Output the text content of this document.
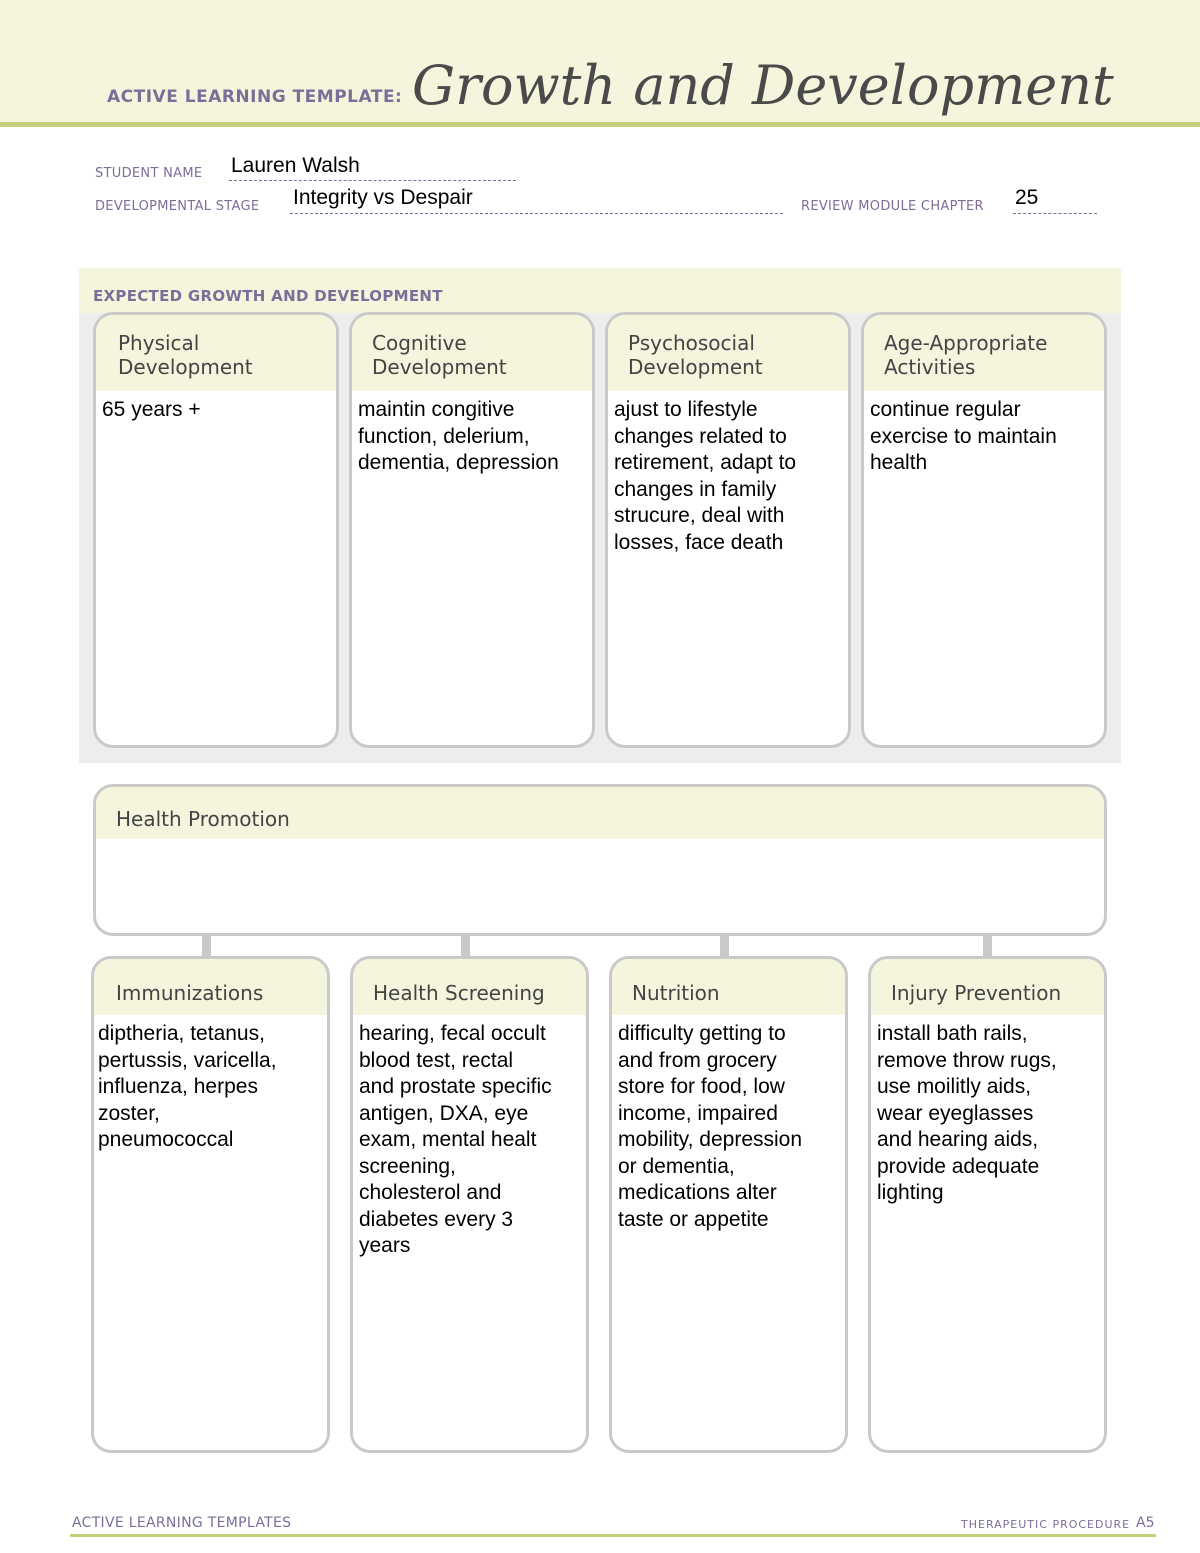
ACTIVE LEARNING TEMPLATE: Growth and Development
STUDENT NAME Lauren Walsh
DEVELOPMENTAL STAGE Integrity vs Despair	REVIEW MODULE CHAPTER 25
EXPECTED GROWTH AND DEVELOPMENT
Physical
Development
65 years +
Cognitive
Development
maintin congitive
function, delerium,
dementia, depression
Psychosocial
Development
ajust to lifestyle
changes related to
retirement, adapt to
changes in family
strucure, deal with
losses, face death
Age-Appropriate
Activities
continue regular
exercise to maintain
health
Health Promotion
Immunizations
diptheria, tetanus,
pertussis, varicella,
influenza, herpes
zoster,
pneumococcal
Health Screening
hearing, fecal occult
blood test, rectal
and prostate specific
antigen, DXA, eye
exam, mental healt
screening,
cholesterol and
diabetes every 3
years
Nutrition
difficulty getting to
and from grocery
store for food, low
income, impaired
mobility, depression
or dementia,
medications alter
taste or appetite
Injury Prevention
install bath rails,
remove throw rugs,
use moilitly aids,
wear eyeglasses
and hearing aids,
provide adequate
lighting
ACTIVE LEARNING TEMPLATES	THERAPEUTIC PROCEDURE A5
